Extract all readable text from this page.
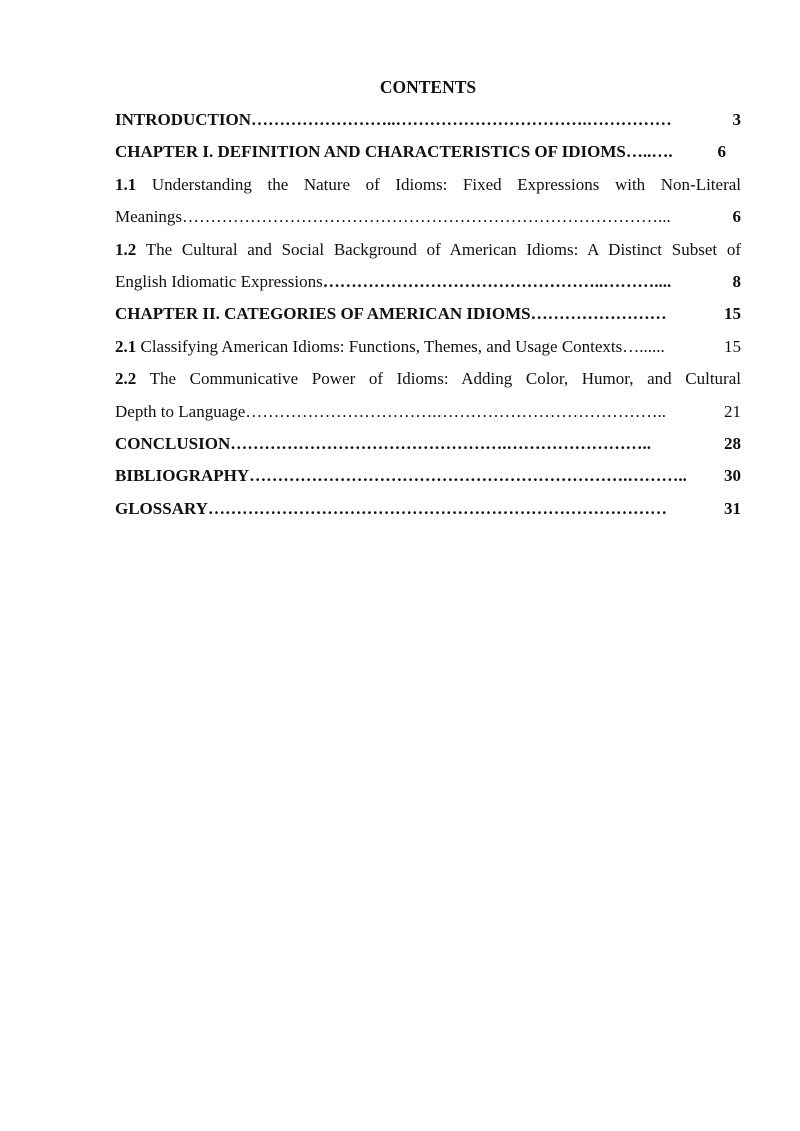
CONTENTS
INTRODUCTION ……………………..…………………………….……………	3
CHAPTER I. DEFINITION AND CHARACTERISTICS OF IDIOMS …..….	6
1.1 Understanding the Nature of Idioms: Fixed Expressions with Non-Literal
Meanings …………………………………………………………………………...	6
1.2 The Cultural and Social Background of American Idioms: A Distinct Subset of
English Idiomatic Expressions …………………………………………..………....	8
CHAPTER II. CATEGORIES OF AMERICAN IDIOMS ……………………	15
2.1 Classifying American Idioms: Functions, Themes, and Usage Contexts …......	15
2.2 The Communicative Power of Idioms: Adding Color, Humor, and Cultural
Depth to Language …………………………….…………………………………..	21
CONCLUSION ………………………………………….……………………..	28
BIBLIOGRAPHY ………………………………………………………….………..	30
GLOSSARY ………………………………………………………………………	31
